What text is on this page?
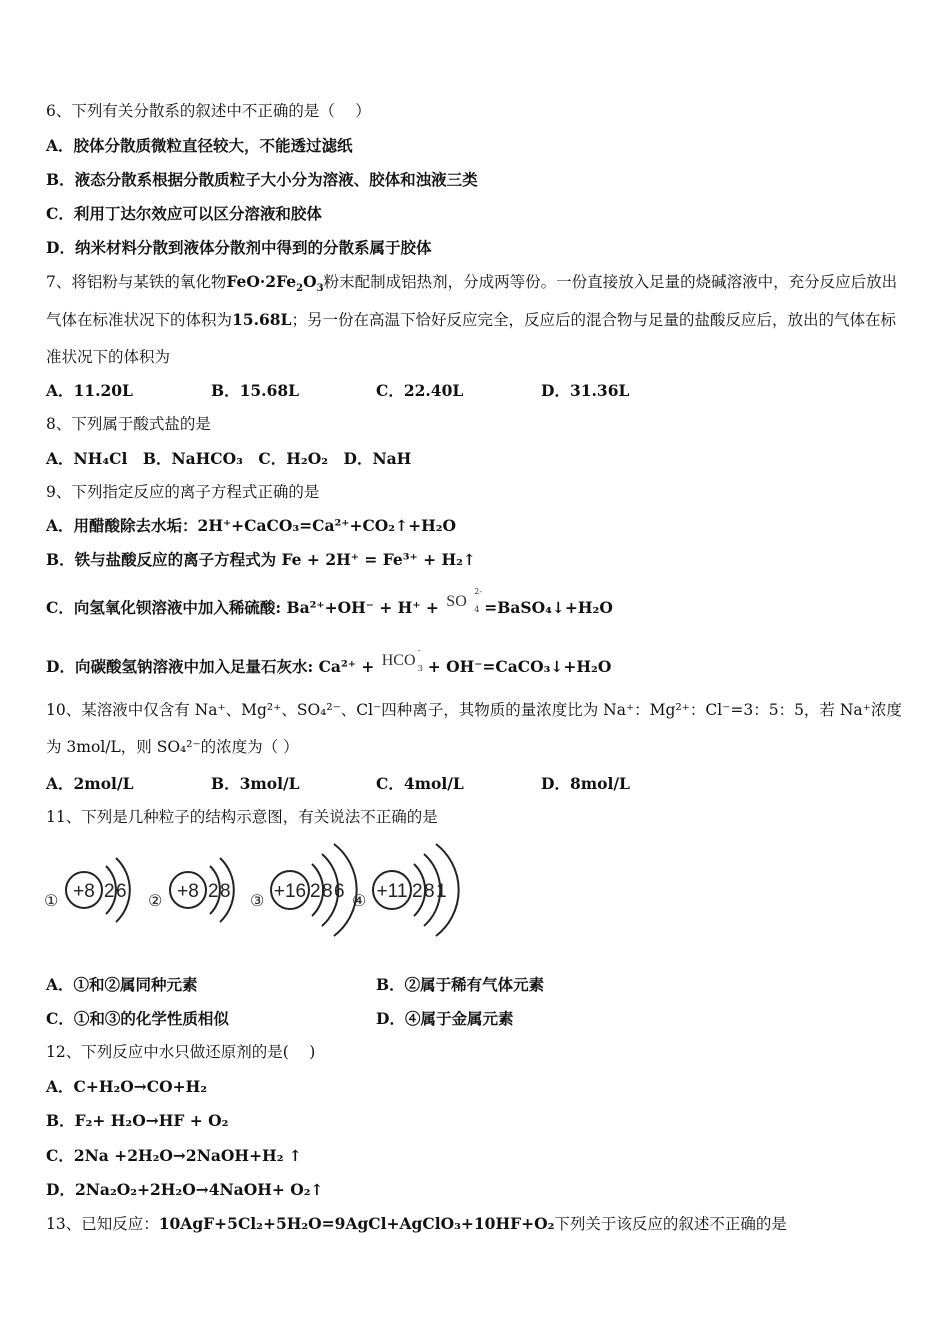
6、下列有关分散系的叙述中不正确的是（　 ）
A．胶体分散质微粒直径较大，不能透过滤纸
B．液态分散系根据分散质粒子大小分为溶液、胶体和浊液三类
C．利用丁达尔效应可以区分溶液和胶体
D．纳米材料分散到液体分散剂中得到的分散系属于胶体
7、将铝粉与某铁的氧化物$FeO\cdot 2Fe_2O_3$粉末配制成铝热剂，分成两等份。一份直接放入足量的烧碱溶液中，充分反应后放出气体在标准状况下的体积为15.68L；另一份在高温下恰好反应完全，反应后的混合物与足量的盐酸反应后，放出的气体在标准状况下的体积为
A．11.20L	B．15.68L	C．22.40L	D．31.36L
8、下列属于酸式盐的是
A．NH₄Cl　B．NaHCO₃　C．H₂O₂　D．NaH
9、下列指定反应的离子方程式正确的是
A．用醋酸除去水垢：2H⁺+CaCO₃=Ca²⁺+CO₂↑+H₂O
B．铁与盐酸反应的离子方程式为 Fe + 2H⁺ = Fe³⁺ + H₂↑
C．向氢氧化钡溶液中加入稀硫酸: Ba²⁺+OH⁻ + H⁺ + SO
2-
4 =BaSO₄↓+H₂O
D．向碳酸氢钠溶液中加入足量石灰水: Ca²⁺ + HCO
-
3 + OH⁻=CaCO₃↓+H₂O
10、某溶液中仅含有 Na⁺、Mg²⁺、SO₄²⁻、Cl⁻四种离子，其物质的量浓度比为 Na⁺：Mg²⁺：Cl⁻=3：5：5，若 Na⁺浓度为 3mol/L，则 SO₄²⁻的浓度为（ ）
A．2mol/L	B．3mol/L	C．4mol/L	D．8mol/L
11、下列是几种粒子的结构示意图，有关说法不正确的是
① +8 2 6 ② +8 2 8 ③ +16 2 8 6 ④ +11 2 8 1
A．①和②属同种元素	B．②属于稀有气体元素
C．①和③的化学性质相似	D．④属于金属元素
12、下列反应中水只做还原剂的是(　 )
A．C+H₂O→CO+H₂
B．F₂+ H₂O→HF + O₂
C．2Na +2H₂O→2NaOH+H₂ ↑
D．2Na₂O₂+2H₂O→4NaOH+ O₂↑
13、已知反应：10AgF+5Cl₂+5H₂O=9AgCl+AgClO₃+10HF+O₂下列关于该反应的叙述不正确的是
